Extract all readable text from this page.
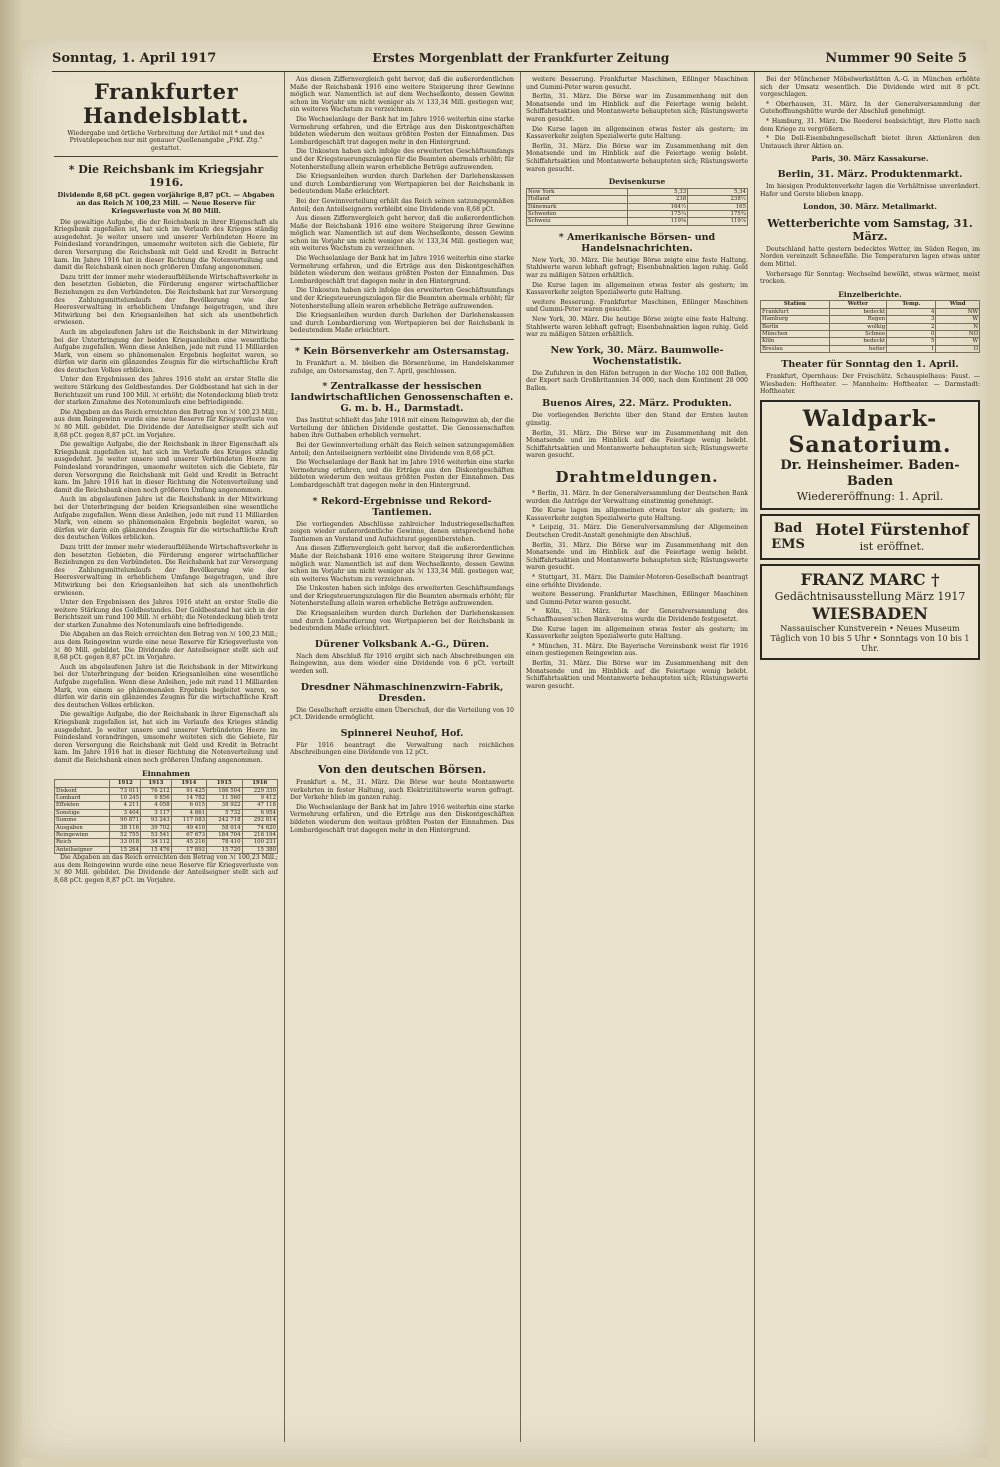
Sonntag, 1. April 1917	Erstes Morgenblatt der Frankfurter Zeitung	Nummer 90 Seite 5
Frankfurter Handelsblatt.
Wiedergabe und örtliche Verbreitung der Artikel mit * und des Privatdepeschen nur mit genauer Quellenangabe „Frkf. Ztg.“ gestattet.
* Die Reichsbank im Kriegsjahr 1916.
Dividende 8,68 pCt. gegen vorjährige 8,87 pCt. — Abgaben an das Reich ℳ 100,23 Mill. — Neue Reserve für Kriegsverluste von ℳ 80 Mill.

Die gewaltige Aufgabe, die der Reichsbank in ihrer Eigenschaft als Kriegsbank zugefallen ist, hat sich im Verlaufe des Krieges ständig ausgedehnt. Je weiter unsere und unserer Verbündeten Heere im Feindesland vorandringen, umsomehr weiteten sich die Gebiete, für deren Versorgung die Reichsbank mit Geld und Kredit in Betracht kam. Im Jahre 1916 hat in dieser Richtung die Notenverteilung und damit die Reichsbank einen noch größeren Umfang angenommen.

Dazu tritt der immer mehr wiederaufblühende Wirtschaftsverkehr in den besetzten Gebieten, die Förderung engerer wirtschaftlicher Beziehungen zu den Verbündeten. Die Reichsbank hat zur Versorgung des Zahlungsmittelumlaufs der Bevölkerung wie der Heeresverwaltung in erheblichem Umfange beigetragen, und ihre Mitwirkung bei den Kriegsanleihen hat sich als unentbehrlich erwiesen.

Auch im abgelaufenen Jahre ist die Reichsbank in der Mitwirkung bei der Unterbringung der beiden Kriegsanleihen eine wesentliche Aufgabe zugefallen. Wenn diese Anleihen, jede mit rund 11 Milliarden Mark, von einem so phänomenalen Ergebnis begleitet waren, so dürfen wir darin ein glänzendes Zeugnis für die wirtschaftliche Kraft des deutschen Volkes erblicken.

Unter den Ergebnissen des Jahres 1916 steht an erster Stelle die weitere Stärkung des Goldbestandes. Der Goldbestand hat sich in der Berichtszeit um rund 100 Mill. ℳ erhöht; die Notendeckung blieb trotz der starken Zunahme des Notenumlaufs eine befriedigende.

Die Abgaben an das Reich erreichten den Betrag von ℳ 100,23 Mill.; aus dem Reingewinn wurde eine neue Reserve für Kriegsverluste von ℳ 80 Mill. gebildet. Die Dividende der Anteilseigner stellt sich auf 8,68 pCt. gegen 8,87 pCt. im Vorjahre.

Die gewaltige Aufgabe, die der Reichsbank in ihrer Eigenschaft als Kriegsbank zugefallen ist, hat sich im Verlaufe des Krieges ständig ausgedehnt. Je weiter unsere und unserer Verbündeten Heere im Feindesland vorandringen, umsomehr weiteten sich die Gebiete, für deren Versorgung die Reichsbank mit Geld und Kredit in Betracht kam. Im Jahre 1916 hat in dieser Richtung die Notenverteilung und damit die Reichsbank einen noch größeren Umfang angenommen.

Auch im abgelaufenen Jahre ist die Reichsbank in der Mitwirkung bei der Unterbringung der beiden Kriegsanleihen eine wesentliche Aufgabe zugefallen. Wenn diese Anleihen, jede mit rund 11 Milliarden Mark, von einem so phänomenalen Ergebnis begleitet waren, so dürfen wir darin ein glänzendes Zeugnis für die wirtschaftliche Kraft des deutschen Volkes erblicken.

Dazu tritt der immer mehr wiederaufblühende Wirtschaftsverkehr in den besetzten Gebieten, die Förderung engerer wirtschaftlicher Beziehungen zu den Verbündeten. Die Reichsbank hat zur Versorgung des Zahlungsmittelumlaufs der Bevölkerung wie der Heeresverwaltung in erheblichem Umfange beigetragen, und ihre Mitwirkung bei den Kriegsanleihen hat sich als unentbehrlich erwiesen.

Unter den Ergebnissen des Jahres 1916 steht an erster Stelle die weitere Stärkung des Goldbestandes. Der Goldbestand hat sich in der Berichtszeit um rund 100 Mill. ℳ erhöht; die Notendeckung blieb trotz der starken Zunahme des Notenumlaufs eine befriedigende.

Die Abgaben an das Reich erreichten den Betrag von ℳ 100,23 Mill.; aus dem Reingewinn wurde eine neue Reserve für Kriegsverluste von ℳ 80 Mill. gebildet. Die Dividende der Anteilseigner stellt sich auf 8,68 pCt. gegen 8,87 pCt. im Vorjahre.

Auch im abgelaufenen Jahre ist die Reichsbank in der Mitwirkung bei der Unterbringung der beiden Kriegsanleihen eine wesentliche Aufgabe zugefallen. Wenn diese Anleihen, jede mit rund 11 Milliarden Mark, von einem so phänomenalen Ergebnis begleitet waren, so dürfen wir darin ein glänzendes Zeugnis für die wirtschaftliche Kraft des deutschen Volkes erblicken.

Die gewaltige Aufgabe, die der Reichsbank in ihrer Eigenschaft als Kriegsbank zugefallen ist, hat sich im Verlaufe des Krieges ständig ausgedehnt. Je weiter unsere und unserer Verbündeten Heere im Feindesland vorandringen, umsomehr weiteten sich die Gebiete, für deren Versorgung die Reichsbank mit Geld und Kredit in Betracht kam. Im Jahre 1916 hat in dieser Richtung die Notenverteilung und damit die Reichsbank einen noch größeren Umfang angenommen.

Einnahmen
	1912	1913	1914	1915	1916
Diskont	73 011	76 212	91 425	186 504	229 330
Lombard	10 245	9 856	14 782	11 560	9 412
Effekten	4 211	4 058	6 015	38 922	47 118
Sonstige	3 404	3 117	4 861	5 732	6 954
Summe	90 871	93 243	117 083	242 718	292 814
Ausgaben	38 116	39 702	49 410	58 014	74 620
Reingewinn	52 755	53 541	67 673	184 704	218 194
Reich	33 018	34 112	45 216	78 410	100 231
Anteilseigner	15 264	15 476	17 892	15 720	15 380

Die Abgaben an das Reich erreichten den Betrag von ℳ 100,23 Mill.; aus dem Reingewinn wurde eine neue Reserve für Kriegsverluste von ℳ 80 Mill. gebildet. Die Dividende der Anteilseigner stellt sich auf 8,68 pCt. gegen 8,87 pCt. im Vorjahre.

Aus diesen Ziffernvergleich geht hervor, daß die außerordentlichen Maße der Reichsbank 1916 eine weitere Steigerung ihrer Gewinne möglich war. Namentlich ist auf dem Wechselkonto, dessen Gewinn schon im Vorjahr um nicht weniger als ℳ 133,34 Mill. gestiegen war, ein weiteres Wachstum zu verzeichnen.

Die Wechselanlage der Bank hat im Jahre 1916 weiterhin eine starke Vermehrung erfahren, und die Erträge aus den Diskontgeschäften bildeten wiederum den weitaus größten Posten der Einnahmen. Das Lombardgeschäft trat dagegen mehr in den Hintergrund.

Die Unkosten haben sich infolge des erweiterten Geschäftsumfangs und der Kriegsteuerungszulagen für die Beamten abermals erhöht; für Notenherstellung allein waren erhebliche Beträge aufzuwenden.

Die Kriegsanleihen wurden durch Darlehen der Darlehenskassen und durch Lombardierung von Wertpapieren bei der Reichsbank in bedeutendem Maße erleichtert.

Bei der Gewinnverteilung erhält das Reich seinen satzungsgemäßen Anteil; den Anteilseignern verbleibt eine Dividende von 8,68 pCt.

Aus diesen Ziffernvergleich geht hervor, daß die außerordentlichen Maße der Reichsbank 1916 eine weitere Steigerung ihrer Gewinne möglich war. Namentlich ist auf dem Wechselkonto, dessen Gewinn schon im Vorjahr um nicht weniger als ℳ 133,34 Mill. gestiegen war, ein weiteres Wachstum zu verzeichnen.

Die Wechselanlage der Bank hat im Jahre 1916 weiterhin eine starke Vermehrung erfahren, und die Erträge aus den Diskontgeschäften bildeten wiederum den weitaus größten Posten der Einnahmen. Das Lombardgeschäft trat dagegen mehr in den Hintergrund.

Die Unkosten haben sich infolge des erweiterten Geschäftsumfangs und der Kriegsteuerungszulagen für die Beamten abermals erhöht; für Notenherstellung allein waren erhebliche Beträge aufzuwenden.

Die Kriegsanleihen wurden durch Darlehen der Darlehenskassen und durch Lombardierung von Wertpapieren bei der Reichsbank in bedeutendem Maße erleichtert.

* Kein Börsenverkehr am Ostersamstag.

In Frankfurt a. M. bleiben die Börsenräume, im Handelskammer zufolge, am Ostersamstag, den 7. April, geschlossen.

* Zentralkasse der hessischen landwirtschaftlichen Genossenschaften e. G. m. b. H., Darmstadt.

Das Institut schließt das Jahr 1916 mit einem Reingewinn ab, der die Verteilung der üblichen Dividende gestattet. Die Genossenschaften haben ihre Guthaben erheblich vermehrt.

Bei der Gewinnverteilung erhält das Reich seinen satzungsgemäßen Anteil; den Anteilseignern verbleibt eine Dividende von 8,68 pCt.

Die Wechselanlage der Bank hat im Jahre 1916 weiterhin eine starke Vermehrung erfahren, und die Erträge aus den Diskontgeschäften bildeten wiederum den weitaus größten Posten der Einnahmen. Das Lombardgeschäft trat dagegen mehr in den Hintergrund.

* Rekord-Ergebnisse und Rekord-Tantiemen.

Die vorliegenden Abschlüsse zahlreicher Industriegesellschaften zeigen wieder außerordentliche Gewinne, denen entsprechend hohe Tantiemen an Vorstand und Aufsichtsrat gegenüberstehen.

Aus diesen Ziffernvergleich geht hervor, daß die außerordentlichen Maße der Reichsbank 1916 eine weitere Steigerung ihrer Gewinne möglich war. Namentlich ist auf dem Wechselkonto, dessen Gewinn schon im Vorjahr um nicht weniger als ℳ 133,34 Mill. gestiegen war, ein weiteres Wachstum zu verzeichnen.

Die Unkosten haben sich infolge des erweiterten Geschäftsumfangs und der Kriegsteuerungszulagen für die Beamten abermals erhöht; für Notenherstellung allein waren erhebliche Beträge aufzuwenden.

Die Kriegsanleihen wurden durch Darlehen der Darlehenskassen und durch Lombardierung von Wertpapieren bei der Reichsbank in bedeutendem Maße erleichtert.

Dürener Volksbank A.-G., Düren.

Nach dem Abschluß für 1916 ergibt sich nach Abschreibungen ein Reingewinn, aus dem wieder eine Dividende von 6 pCt. verteilt werden soll.

Dresdner Nähmaschinenzwirn-Fabrik, Dresden.

Die Gesellschaft erzielte einen Überschuß, der die Verteilung von 10 pCt. Dividende ermöglicht.

Spinnerei Neuhof, Hof.

Für 1916 beantragt die Verwaltung nach reichlichen Abschreibungen eine Dividende von 12 pCt.

Von den deutschen Börsen.

Frankfurt a. M., 31. März. Die Börse war heute Montanwerte verkehrten in fester Haltung, auch Elektrizitätswerte waren gefragt. Der Verkehr blieb im ganzen ruhig.

Die Wechselanlage der Bank hat im Jahre 1916 weiterhin eine starke Vermehrung erfahren, und die Erträge aus den Diskontgeschäften bildeten wiederum den weitaus größten Posten der Einnahmen. Das Lombardgeschäft trat dagegen mehr in den Hintergrund.

weitere Besserung. Frankfurter Maschinen, Eßlinger Maschinen und Gummi-Peter waren gesucht.

Berlin, 31. März. Die Börse war im Zusammenhang mit den Monatsende und im Hinblick auf die Feiertage wenig belebt. Schiffahrtsaktien und Montanwerte behaupteten sich; Rüstungswerte waren gesucht.

Die Kurse lagen im allgemeinen etwas fester als gestern; im Kassaverkehr zeigten Spezialwerte gute Haltung.

Berlin, 31. März. Die Börse war im Zusammenhang mit den Monatsende und im Hinblick auf die Feiertage wenig belebt. Schiffahrtsaktien und Montanwerte behaupteten sich; Rüstungswerte waren gesucht.

Devisenkurse
New York	5,33	5,34
Holland	238	238½
Dänemark	164½	165
Schweden	175¼	175¾
Schweiz	119⅝	119⅞
* Amerikanische Börsen- und Handelsnachrichten.

New York, 30. März. Die heutige Börse zeigte eine feste Haltung. Stahlwerte waren lebhaft gefragt; Eisenbahnaktien lagen ruhig. Geld war zu mäßigen Sätzen erhältlich.

Die Kurse lagen im allgemeinen etwas fester als gestern; im Kassaverkehr zeigten Spezialwerte gute Haltung.

weitere Besserung. Frankfurter Maschinen, Eßlinger Maschinen und Gummi-Peter waren gesucht.

New York, 30. März. Die heutige Börse zeigte eine feste Haltung. Stahlwerte waren lebhaft gefragt; Eisenbahnaktien lagen ruhig. Geld war zu mäßigen Sätzen erhältlich.

New York, 30. März. Baumwolle-Wochenstatistik.

Die Zufuhren in den Häfen betrugen in der Woche 102 000 Ballen, der Export nach Großbritannien 34 000, nach dem Kontinent 28 000 Ballen.

Buenos Aires, 22. März. Produkten.

Die vorliegenden Berichte über den Stand der Ernten lauten günstig.

Berlin, 31. März. Die Börse war im Zusammenhang mit den Monatsende und im Hinblick auf die Feiertage wenig belebt. Schiffahrtsaktien und Montanwerte behaupteten sich; Rüstungswerte waren gesucht.

Drahtmeldungen.

* Berlin, 31. März. In der Generalversammlung der Deutschen Bank wurden die Anträge der Verwaltung einstimmig genehmigt.

Die Kurse lagen im allgemeinen etwas fester als gestern; im Kassaverkehr zeigten Spezialwerte gute Haltung.

* Leipzig, 31. März. Die Generalversammlung der Allgemeinen Deutschen Credit-Anstalt genehmigte den Abschluß.

Berlin, 31. März. Die Börse war im Zusammenhang mit den Monatsende und im Hinblick auf die Feiertage wenig belebt. Schiffahrtsaktien und Montanwerte behaupteten sich; Rüstungswerte waren gesucht.

* Stuttgart, 31. März. Die Daimler-Motoren-Gesellschaft beantragt eine erhöhte Dividende.

weitere Besserung. Frankfurter Maschinen, Eßlinger Maschinen und Gummi-Peter waren gesucht.

* Köln, 31. März. In der Generalversammlung des Schaaffhausen'schen Bankvereins wurde die Dividende festgesetzt.

Die Kurse lagen im allgemeinen etwas fester als gestern; im Kassaverkehr zeigten Spezialwerte gute Haltung.

* München, 31. März. Die Bayerische Vereinsbank weist für 1916 einen gestiegenen Reingewinn aus.

Berlin, 31. März. Die Börse war im Zusammenhang mit den Monatsende und im Hinblick auf die Feiertage wenig belebt. Schiffahrtsaktien und Montanwerte behaupteten sich; Rüstungswerte waren gesucht.

Bei der Münchener Möbelwerkstätten A.-G. in München erhöhte sich der Umsatz wesentlich. Die Dividende wird mit 8 pCt. vorgeschlagen.

* Oberhausen, 31. März. In der Generalversammlung der Gutehoffnungshütte wurde der Abschluß genehmigt.

* Hamburg, 31. März. Die Reederei beabsichtigt, ihre Flotte nach dem Kriege zu vergrößern.

* Die Dell-Eisenbahngesellschaft bietet ihren Aktionären den Umtausch ihrer Aktien an.

Paris, 30. März Kassakurse.
Berlin, 31. März. Produktenmarkt.

Im hiesigen Produktenverkehr lagen die Verhältnisse unverändert. Hafer und Gerste blieben knapp.

London, 30. März. Metallmarkt.
Wetterberichte vom Samstag, 31. März.

Deutschland hatte gestern bedecktes Wetter, im Süden Regen, im Norden vereinzelt Schneefälle. Die Temperaturen lagen etwas unter dem Mittel.

Vorhersage für Sonntag: Wechselnd bewölkt, etwas wärmer, meist trocken.

Einzelberichte.
Station	Wetter	Temp.	Wind
Frankfurt	bedeckt	4	NW
Hamburg	Regen	3	W
Berlin	wolkig	2	N
München	Schnee	0	NO
Köln	bedeckt	5	W
Breslau	heiter	1	O
Theater für Sonntag den 1. April.

Frankfurt, Opernhaus: Der Freischütz. Schauspielhaus: Faust. — Wiesbaden: Hoftheater. — Mannheim: Hoftheater. — Darmstadt: Hoftheater.

Waldpark-Sanatorium.
Dr. Heinsheimer. Baden-Baden
Wiedereröffnung: 1. April.
Bad
EMS
Hotel Fürstenhof
ist eröffnet.
FRANZ MARC †
Gedächtnisausstellung März 1917
WIESBADEN
Nassauischer Kunstverein • Neues Museum
Täglich von 10 bis 5 Uhr • Sonntags von 10 bis 1 Uhr.
